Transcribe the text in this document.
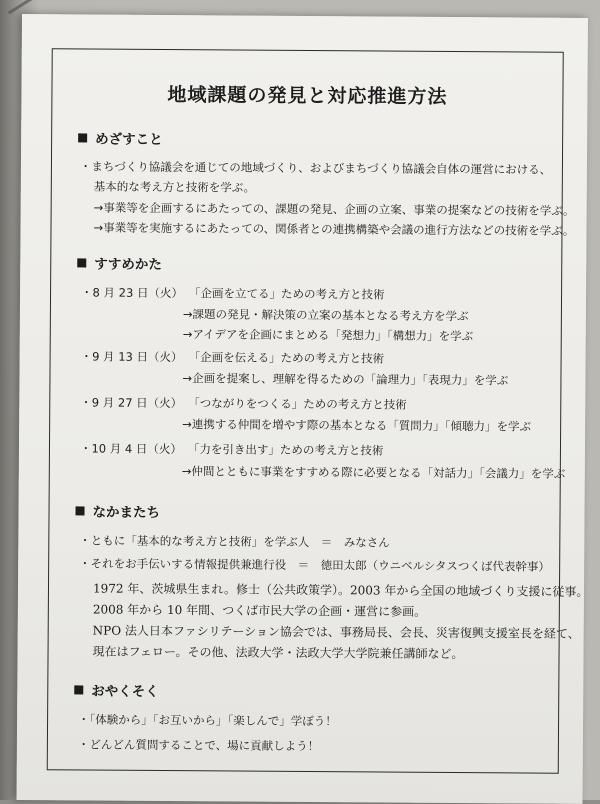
地域課題の発見と対応推進方法
めざすこと
・まちづくり協議会を通じての地域づくり、およびまちづくり協議会自体の運営における、
基本的な考え方と技術を学ぶ。
→事業等を企画するにあたっての、課題の発見、企画の立案、事業の提案などの技術を学ぶ。
→事業等を実施するにあたっての、関係者との連携構築や会議の進行方法などの技術を学ぶ。
すすめかた
・8 月 23 日（火） 「企画を立てる」ための考え方と技術
→課題の発見・解決策の立案の基本となる考え方を学ぶ
→アイデアを企画にまとめる「発想力」「構想力」を学ぶ
・9 月 13 日（火） 「企画を伝える」ための考え方と技術
→企画を提案し、理解を得るための「論理力」「表現力」を学ぶ
・9 月 27 日（火） 「つながりをつくる」ための考え方と技術
→連携する仲間を増やす際の基本となる「質問力」「傾聴力」を学ぶ
・10 月 4 日（火） 「力を引き出す」ための考え方と技術
→仲間とともに事業をすすめる際に必要となる「対話力」「会議力」を学ぶ
なかまたち
・ともに「基本的な考え方と技術」を学ぶ人　＝　みなさん
・それをお手伝いする情報提供兼進行役　＝　徳田太郎（ウニベルシタスつくば代表幹事）
1972 年、茨城県生まれ。修士（公共政策学）。2003 年から全国の地域づくり支援に従事。
2008 年から 10 年間、つくば市民大学の企画・運営に参画。
NPO 法人日本ファシリテーション協会では、事務局長、会長、災害復興支援室長を経て、
現在はフェロー。その他、法政大学・法政大学大学院兼任講師など。
おやくそく
・「体験から」「お互いから」「楽しんで」学ぼう！
・どんどん質問することで、場に貢献しよう！
